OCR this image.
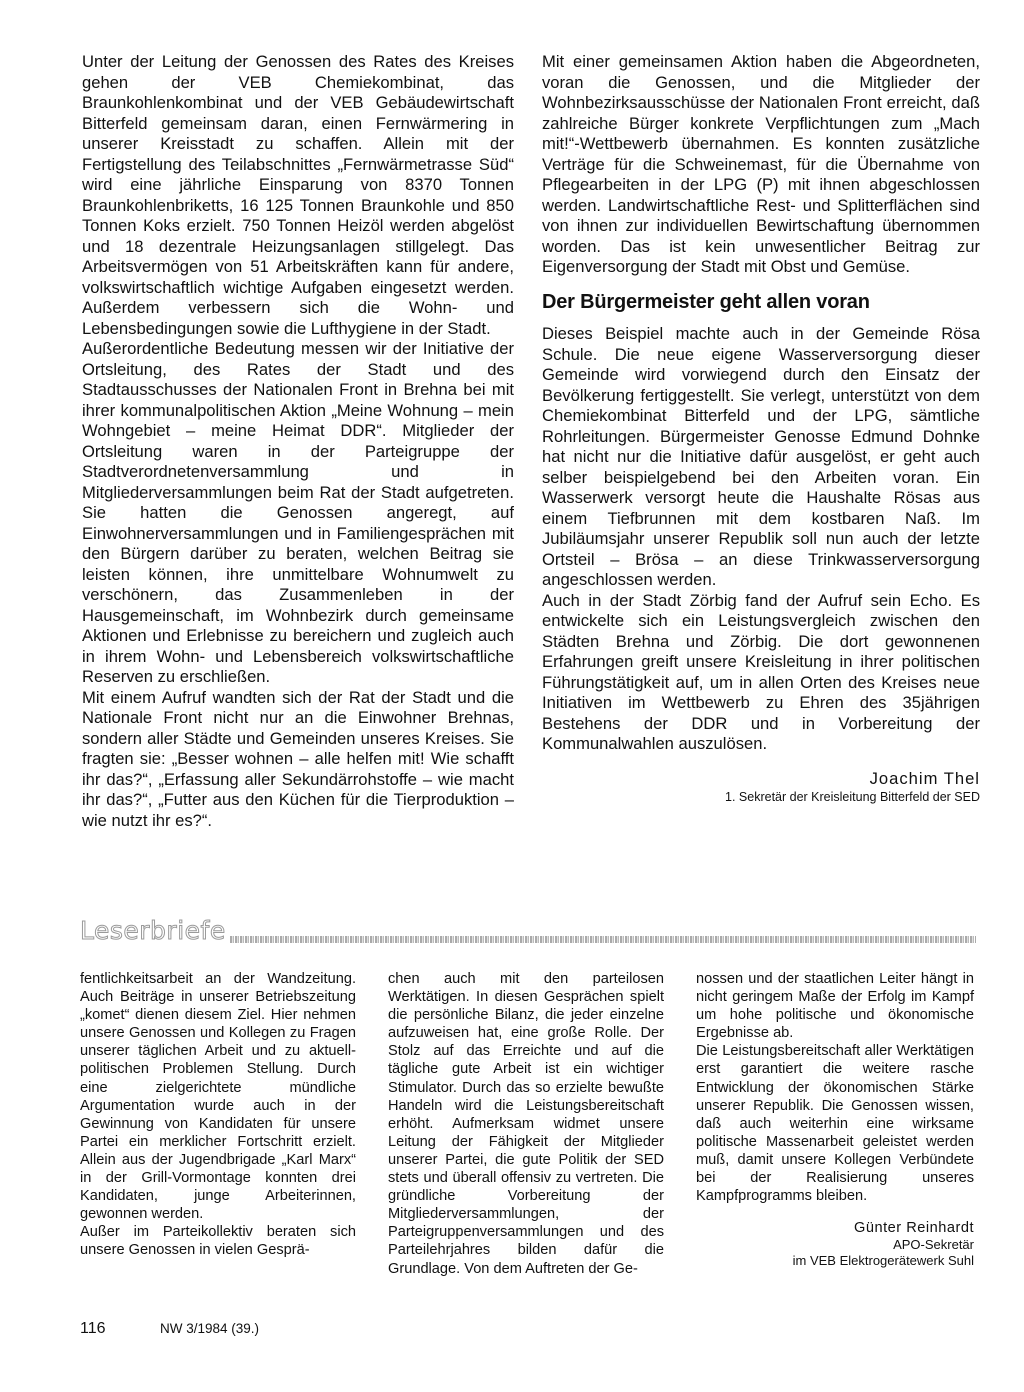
Unter der Leitung der Genossen des Rates des Kreises gehen der VEB Chemiekombinat, das Braunkohlenkombinat und der VEB Gebäudewirtschaft Bitterfeld gemeinsam daran, einen Fernwärmering in unserer Kreisstadt zu schaffen. Allein mit der Fertigstellung des Teilabschnittes „Fernwärmetrasse Süd“ wird eine jährliche Einsparung von 8370 Tonnen Braunkohlenbriketts, 16 125 Tonnen Braunkohle und 850 Tonnen Koks erzielt. 750 Tonnen Heizöl werden abgelöst und 18 dezentrale Heizungsanlagen stillgelegt. Das Arbeitsvermögen von 51 Arbeitskräften kann für andere, volkswirtschaftlich wichtige Aufgaben eingesetzt werden. Außerdem verbessern sich die Wohn- und Lebensbedingungen sowie die Lufthygiene in der Stadt.

Außerordentliche Bedeutung messen wir der Initiative der Ortsleitung, des Rates der Stadt und des Stadtausschusses der Nationalen Front in Brehna bei mit ihrer kommunalpolitischen Aktion „Meine Wohnung – mein Wohngebiet – meine Heimat DDR“. Mitglieder der Ortsleitung waren in der Parteigruppe der Stadtverordnetenversammlung und in Mitgliederversammlungen beim Rat der Stadt aufgetreten. Sie hatten die Genossen angeregt, auf Einwohnerversammlungen und in Familiengesprächen mit den Bürgern darüber zu beraten, welchen Beitrag sie leisten können, ihre unmittelbare Wohnumwelt zu verschönern, das Zusammenleben in der Hausgemeinschaft, im Wohnbezirk durch gemeinsame Aktionen und Erlebnisse zu bereichern und zugleich auch in ihrem Wohn- und Lebensbereich volkswirtschaftliche Reserven zu erschließen.

Mit einem Aufruf wandten sich der Rat der Stadt und die Nationale Front nicht nur an die Einwohner Brehnas, sondern aller Städte und Gemeinden unseres Kreises. Sie fragten sie: „Besser wohnen – alle helfen mit! Wie schafft ihr das?“, „Erfassung aller Sekundärrohstoffe – wie macht ihr das?“, „Futter aus den Küchen für die Tierproduktion – wie nutzt ihr es?“.

Mit einer gemeinsamen Aktion haben die Abgeordneten, voran die Genossen, und die Mitglieder der Wohnbezirksausschüsse der Nationalen Front erreicht, daß zahlreiche Bürger konkrete Verpflichtungen zum „Mach mit!“-Wettbewerb übernahmen. Es konnten zusätzliche Verträge für die Schweinemast, für die Übernahme von Pflegearbeiten in der LPG (P) mit ihnen abgeschlossen werden. Landwirtschaftliche Rest- und Splitterflächen sind von ihnen zur individuellen Bewirtschaftung übernommen worden. Das ist kein unwesentlicher Beitrag zur Eigenversorgung der Stadt mit Obst und Gemüse.

Der Bürgermeister geht allen voran

Dieses Beispiel machte auch in der Gemeinde Rösa Schule. Die neue eigene Wasserversorgung dieser Gemeinde wird vorwiegend durch den Einsatz der Bevölkerung fertiggestellt. Sie verlegt, unterstützt von dem Chemiekombinat Bitterfeld und der LPG, sämtliche Rohrleitungen. Bürgermeister Genosse Edmund Dohnke hat nicht nur die Initiative dafür ausgelöst, er geht auch selber beispielgebend bei den Arbeiten voran. Ein Wasserwerk versorgt heute die Haushalte Rösas aus einem Tiefbrunnen mit dem kostbaren Naß. Im Jubiläumsjahr unserer Republik soll nun auch der letzte Ortsteil – Brösa – an diese Trinkwasserversorgung angeschlossen werden.

Auch in der Stadt Zörbig fand der Aufruf sein Echo. Es entwickelte sich ein Leistungsvergleich zwischen den Städten Brehna und Zörbig. Die dort gewonnenen Erfahrungen greift unsere Kreisleitung in ihrer politischen Führungstätigkeit auf, um in allen Orten des Kreises neue Initiativen im Wettbewerb zu Ehren des 35jährigen Bestehens der DDR und in Vorbereitung der Kommunalwahlen auszulösen.

Joachim Thel

1. Sekretär der Kreisleitung Bitterfeld der SED

Leserbriefe

fentlichkeitsarbeit an der Wandzeitung. Auch Beiträge in unserer Betriebszeitung „komet“ dienen diesem Ziel. Hier nehmen unsere Genossen und Kollegen zu Fragen unserer täglichen Arbeit und zu aktuell-politischen Problemen Stellung. Durch eine zielgerichtete mündliche Argumentation wurde auch in der Gewinnung von Kandidaten für unsere Partei ein merklicher Fortschritt erzielt. Allein aus der Jugendbrigade „Karl Marx“ in der Grill-Vormontage konnten drei Kandidaten, junge Arbeiterinnen, gewonnen werden.

Außer im Parteikollektiv beraten sich unsere Genossen in vielen Gesprä-

chen auch mit den parteilosen Werktätigen. In diesen Gesprächen spielt die persönliche Bilanz, die jeder einzelne aufzuweisen hat, eine große Rolle. Der Stolz auf das Erreichte und auf die tägliche gute Arbeit ist ein wichtiger Stimulator. Durch das so erzielte bewußte Handeln wird die Leistungsbereitschaft erhöht. Aufmerksam widmet unsere Leitung der Fähigkeit der Mitglieder unserer Partei, die gute Politik der SED stets und überall offensiv zu vertreten. Die gründliche Vorbereitung der Mitgliederversammlungen, der Parteigruppenversammlungen und des Parteilehrjahres bilden dafür die Grundlage. Von dem Auftreten der Ge-

nossen und der staatlichen Leiter hängt in nicht geringem Maße der Erfolg im Kampf um hohe politische und ökonomische Ergebnisse ab.

Die Leistungsbereitschaft aller Werktätigen erst garantiert die weitere rasche Entwicklung der ökonomischen Stärke unserer Republik. Die Genossen wissen, daß auch weiterhin eine wirksame politische Massenarbeit geleistet werden muß, damit unsere Kollegen Verbündete bei der Realisierung unseres Kampfprogramms bleiben.

Günter Reinhardt

APO-Sekretär

im VEB Elektrogerätewerk Suhl

116	NW 3/1984 (39.)
